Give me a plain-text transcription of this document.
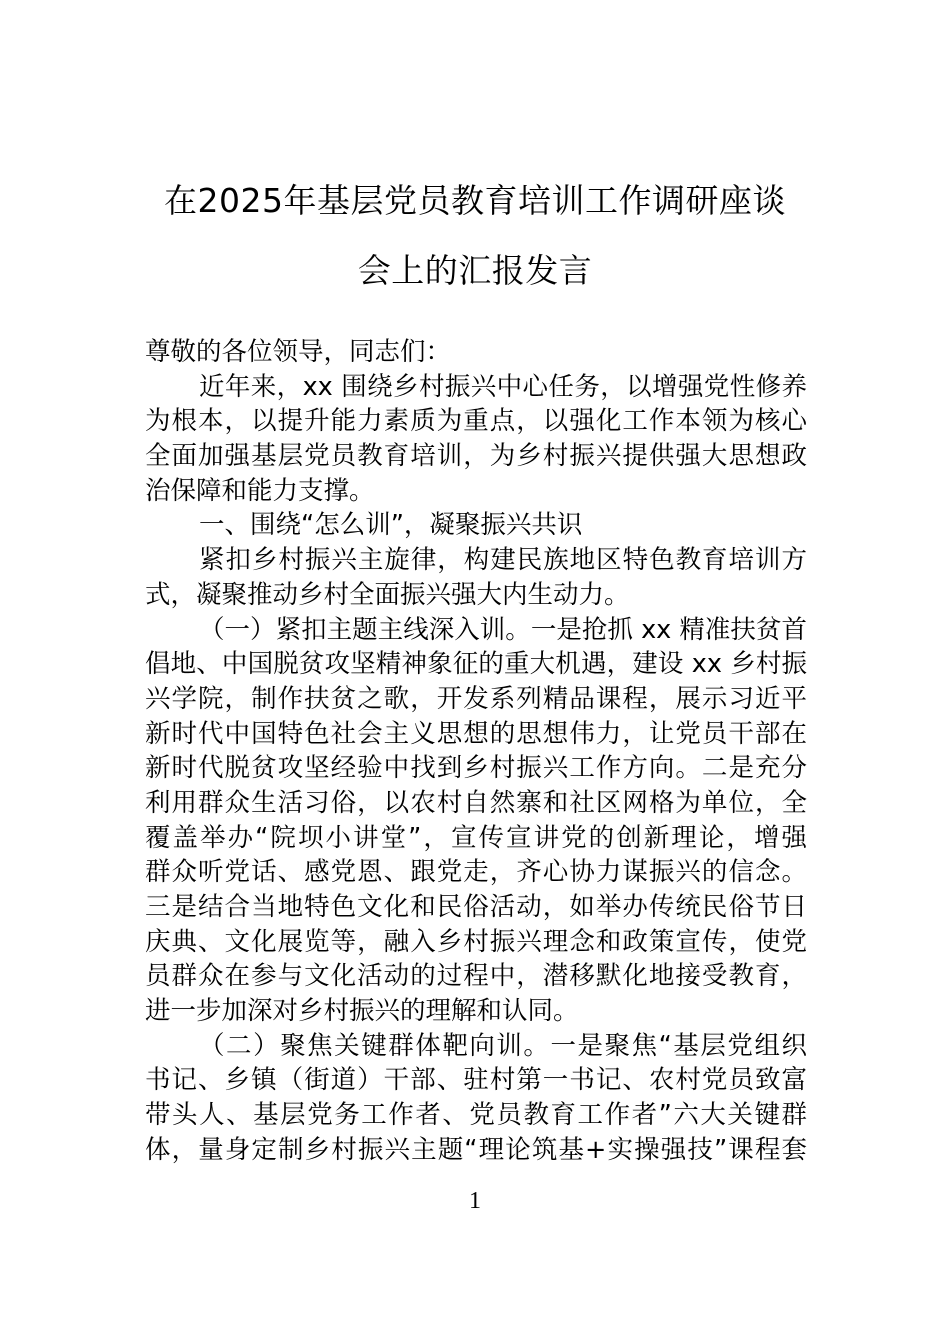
在2025年基层党员教育培训工作调研座谈
会上的汇报发言
尊敬的各位领导，同志们：
近年来，xx 围绕乡村振兴中心任务，以增强党性修养
为根本，以提升能力素质为重点，以强化工作本领为核心
全面加强基层党员教育培训，为乡村振兴提供强大思想政
治保障和能力支撑。
一、围绕“怎么训”，凝聚振兴共识
紧扣乡村振兴主旋律，构建民族地区特色教育培训方
式，凝聚推动乡村全面振兴强大内生动力。
（一）紧扣主题主线深入训。一是抢抓 xx 精准扶贫首
倡地、中国脱贫攻坚精神象征的重大机遇，建设 xx 乡村振
兴学院，制作扶贫之歌，开发系列精品课程，展示习近平
新时代中国特色社会主义思想的思想伟力，让党员干部在
新时代脱贫攻坚经验中找到乡村振兴工作方向。二是充分
利用群众生活习俗，以农村自然寨和社区网格为单位，全
覆盖举办“院坝小讲堂”，宣传宣讲党的创新理论，增强
群众听党话、感党恩、跟党走，齐心协力谋振兴的信念。
三是结合当地特色文化和民俗活动，如举办传统民俗节日
庆典、文化展览等，融入乡村振兴理念和政策宣传，使党
员群众在参与文化活动的过程中，潜移默化地接受教育，
进一步加深对乡村振兴的理解和认同。
（二）聚焦关键群体靶向训。一是聚焦“基层党组织
书记、乡镇（街道）干部、驻村第一书记、农村党员致富
带头人、基层党务工作者、党员教育工作者”六大关键群
体，量身定制乡村振兴主题“理论筑基+实操强技”课程套
1
